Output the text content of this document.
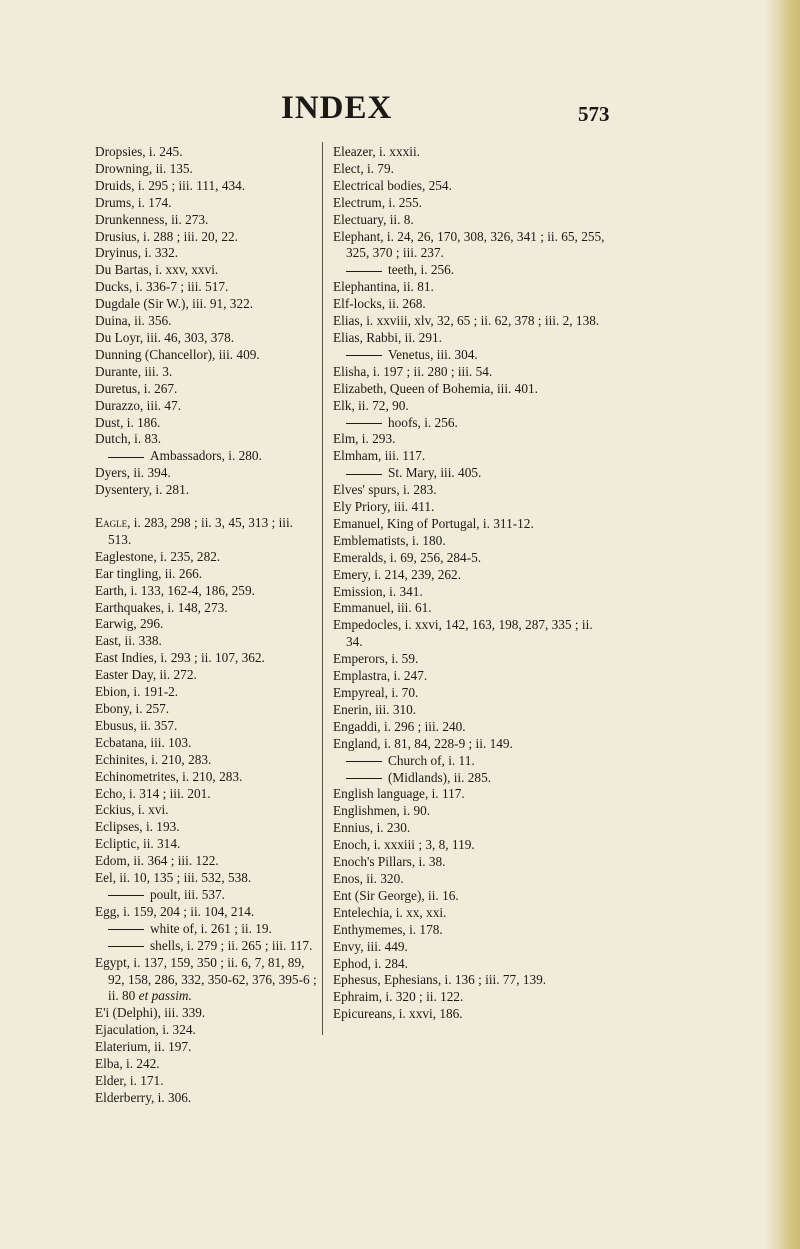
INDEX	573
Dropsies, i. 245.
Drowning, ii. 135.
Druids, i. 295 ; iii. 111, 434.
Drums, i. 174.
Drunkenness, ii. 273.
Drusius, i. 288 ; iii. 20, 22.
Dryinus, i. 332.
Du Bartas, i. xxv, xxvi.
Ducks, i. 336-7 ; iii. 517.
Dugdale (Sir W.), iii. 91, 322.
Duina, ii. 356.
Du Loyr, iii. 46, 303, 378.
Dunning (Chancellor), iii. 409.
Durante, iii. 3.
Duretus, i. 267.
Durazzo, iii. 47.
Dust, i. 186.
Dutch, i. 83.
Ambassadors, i. 280.
Dyers, ii. 394.
Dysentery, i. 281.
Eagle, i. 283, 298 ; ii. 3, 45, 313 ; iii. 513.
Eaglestone, i. 235, 282.
Ear tingling, ii. 266.
Earth, i. 133, 162-4, 186, 259.
Earthquakes, i. 148, 273.
Earwig, 296.
East, ii. 338.
East Indies, i. 293 ; ii. 107, 362.
Easter Day, ii. 272.
Ebion, i. 191-2.
Ebony, i. 257.
Ebusus, ii. 357.
Ecbatana, iii. 103.
Echinites, i. 210, 283.
Echinometrites, i. 210, 283.
Echo, i. 314 ; iii. 201.
Eckius, i. xvi.
Eclipses, i. 193.
Ecliptic, ii. 314.
Edom, ii. 364 ; iii. 122.
Eel, ii. 10, 135 ; iii. 532, 538.
poult, iii. 537.
Egg, i. 159, 204 ; ii. 104, 214.
white of, i. 261 ; ii. 19.
shells, i. 279 ; ii. 265 ; iii. 117.
Egypt, i. 137, 159, 350 ; ii. 6, 7, 81, 89, 92, 158, 286, 332, 350-62, 376, 395-6 ; ii. 80 et passim.
E'i (Delphi), iii. 339.
Ejaculation, i. 324.
Elaterium, ii. 197.
Elba, i. 242.
Elder, i. 171.
Elderberry, i. 306.
Eleazer, i. xxxii.
Elect, i. 79.
Electrical bodies, 254.
Electrum, i. 255.
Electuary, ii. 8.
Elephant, i. 24, 26, 170, 308, 326, 341 ; ii. 65, 255, 325, 370 ; iii. 237.
teeth, i. 256.
Elephantina, ii. 81.
Elf-locks, ii. 268.
Elias, i. xxviii, xlv, 32, 65 ; ii. 62, 378 ; iii. 2, 138.
Elias, Rabbi, ii. 291.
Venetus, iii. 304.
Elisha, i. 197 ; ii. 280 ; iii. 54.
Elizabeth, Queen of Bohemia, iii. 401.
Elk, ii. 72, 90.
hoofs, i. 256.
Elm, i. 293.
Elmham, iii. 117.
St. Mary, iii. 405.
Elves' spurs, i. 283.
Ely Priory, iii. 411.
Emanuel, King of Portugal, i. 311-12.
Emblematists, i. 180.
Emeralds, i. 69, 256, 284-5.
Emery, i. 214, 239, 262.
Emission, i. 341.
Emmanuel, iii. 61.
Empedocles, i. xxvi, 142, 163, 198, 287, 335 ; ii. 34.
Emperors, i. 59.
Emplastra, i. 247.
Empyreal, i. 70.
Enerin, iii. 310.
Engaddi, i. 296 ; iii. 240.
England, i. 81, 84, 228-9 ; ii. 149.
Church of, i. 11.
(Midlands), ii. 285.
English language, i. 117.
Englishmen, i. 90.
Ennius, i. 230.
Enoch, i. xxxiii ; 3, 8, 119.
Enoch's Pillars, i. 38.
Enos, ii. 320.
Ent (Sir George), ii. 16.
Entelechia, i. xx, xxi.
Enthymemes, i. 178.
Envy, iii. 449.
Ephod, i. 284.
Ephesus, Ephesians, i. 136 ; iii. 77, 139.
Ephraim, i. 320 ; ii. 122.
Epicureans, i. xxvi, 186.
